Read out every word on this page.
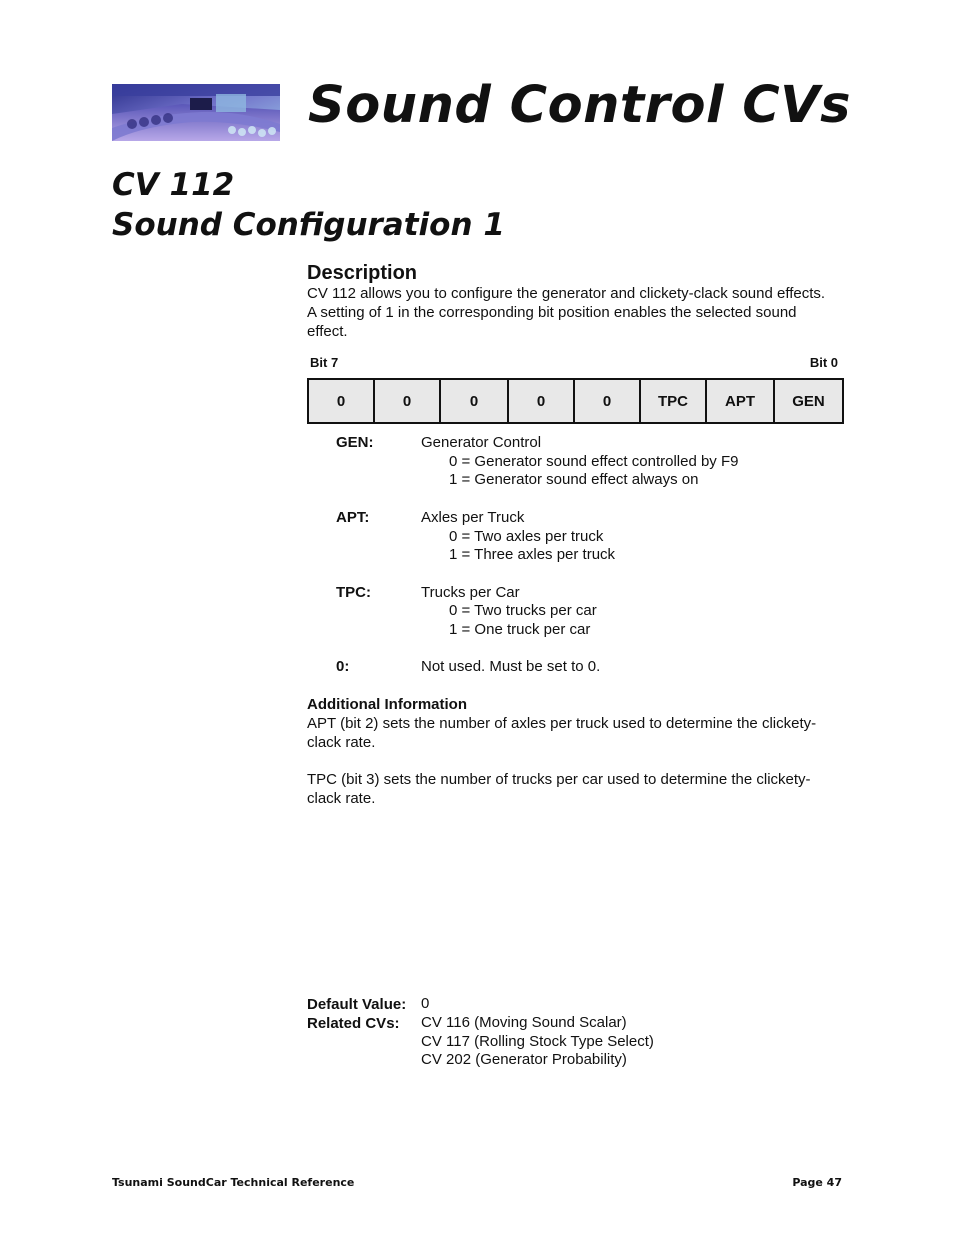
Sound Control CVs
CV 112
Sound Configuration 1
Description

CV 112 allows you to configure the generator and clickety-clack sound effects. A setting of 1 in the corresponding bit position enables the selected sound effect.

Bit 7	Bit 0
0	0	0	0	0	TPC	APT	GEN
GEN:	Generator Control
0 = Generator sound effect controlled by F9
1 = Generator sound effect always on
APT:	Axles per Truck
0 = Two axles per truck
1 = Three axles per truck
TPC:	Trucks per Car
0 = Two trucks per car
1 = One truck per car
0:	Not used. Must be set to 0.
Additional Information

APT (bit 2) sets the number of axles per truck used to determine the clickety-clack rate.

TPC (bit 3) sets the number of trucks per car used to determine the clickety-clack rate.

Default Value: 0
Related CVs: CV 116 (Moving Sound Scalar)
CV 117 (Rolling Stock Type Select)
CV 202 (Generator Probability)
Tsunami SoundCar Technical Reference	Page 47
